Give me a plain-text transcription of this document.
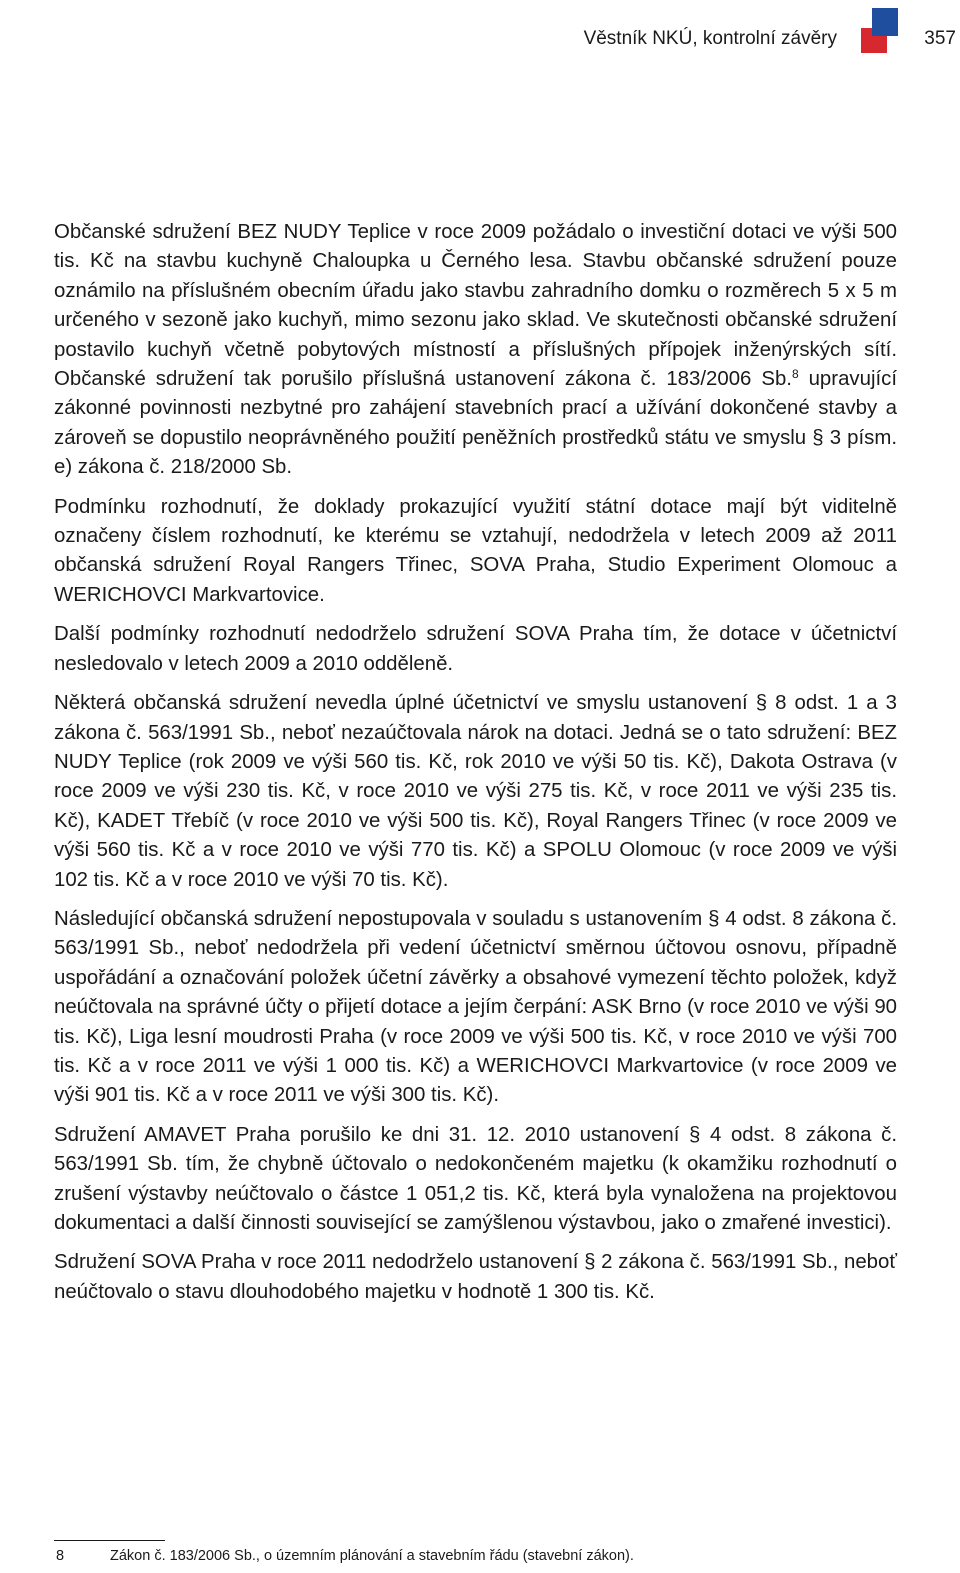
Věstník NKÚ, kontrolní závěry	357

Občanské sdružení BEZ NUDY Teplice v roce 2009 požádalo o investiční dotaci ve výši 500 tis. Kč na stavbu kuchyně Chaloupka u Černého lesa. Stavbu občanské sdružení pouze oznámilo na příslušném obecním úřadu jako stavbu zahradního domku o rozměrech 5 x 5 m určeného v sezoně jako kuchyň, mimo sezonu jako sklad. Ve skutečnosti občanské sdružení postavilo kuchyň včetně pobytových místností a příslušných přípojek inženýrských sítí. Občanské sdružení tak porušilo příslušná ustanovení zákona č. 183/2006 Sb.$^8$ upravující zákonné povinnosti nezbytné pro zahájení stavebních prací a užívání dokončené stavby a zároveň se dopustilo neoprávněného použití peněžních prostředků státu ve smyslu § 3 písm. e) zákona č. 218/2000 Sb.

Podmínku rozhodnutí, že doklady prokazující využití státní dotace mají být viditelně označeny číslem rozhodnutí, ke kterému se vztahují, nedodržela v letech 2009 až 2011 občanská sdružení Royal Rangers Třinec, SOVA Praha, Studio Experiment Olomouc a WERICHOVCI Markvartovice.

Další podmínky rozhodnutí nedodrželo sdružení SOVA Praha tím, že dotace v účetnictví nesledovalo v letech 2009 a 2010 odděleně.

Některá občanská sdružení nevedla úplné účetnictví ve smyslu ustanovení § 8 odst. 1 a 3 zákona č. 563/1991 Sb., neboť nezaúčtovala nárok na dotaci. Jedná se o tato sdružení: BEZ NUDY Teplice (rok 2009 ve výši 560 tis. Kč, rok 2010 ve výši 50 tis. Kč), Dakota Ostrava (v roce 2009 ve výši 230 tis. Kč, v roce 2010 ve výši 275 tis. Kč, v roce 2011 ve výši 235 tis. Kč), KADET Třebíč (v roce 2010 ve výši 500 tis. Kč), Royal Rangers Třinec (v roce 2009 ve výši 560 tis. Kč a v roce 2010 ve výši 770 tis. Kč) a SPOLU Olomouc (v roce 2009 ve výši 102 tis. Kč a v roce 2010 ve výši 70 tis. Kč).

Následující občanská sdružení nepostupovala v souladu s ustanovením § 4 odst. 8 zákona č. 563/1991 Sb., neboť nedodržela při vedení účetnictví směrnou účtovou osnovu, případně uspořádání a označování položek účetní závěrky a obsahové vymezení těchto položek, když neúčtovala na správné účty o přijetí dotace a jejím čerpání: ASK Brno (v roce 2010 ve výši 90 tis. Kč), Liga lesní moudrosti Praha (v roce 2009 ve výši 500 tis. Kč, v roce 2010 ve výši 700 tis. Kč a v roce 2011 ve výši 1 000 tis. Kč) a WERICHOVCI Markvartovice (v roce 2009 ve výši 901 tis. Kč a v roce 2011 ve výši 300 tis. Kč).

Sdružení AMAVET Praha porušilo ke dni 31. 12. 2010 ustanovení § 4 odst. 8 zákona č. 563/1991 Sb. tím, že chybně účtovalo o nedokončeném majetku (k okamžiku rozhodnutí o zrušení výstavby neúčtovalo o částce 1 051,2 tis. Kč, která byla vynaložena na projektovou dokumentaci a další činnosti související se zamýšlenou výstavbou, jako o zmařené investici).

Sdružení SOVA Praha v roce 2011 nedodrželo ustanovení § 2 zákona č. 563/1991 Sb., neboť neúčtovalo o stavu dlouhodobého majetku v hodnotě 1 300 tis. Kč.

8	Zákon č. 183/2006 Sb., o územním plánování a stavebním řádu (stavební zákon).
